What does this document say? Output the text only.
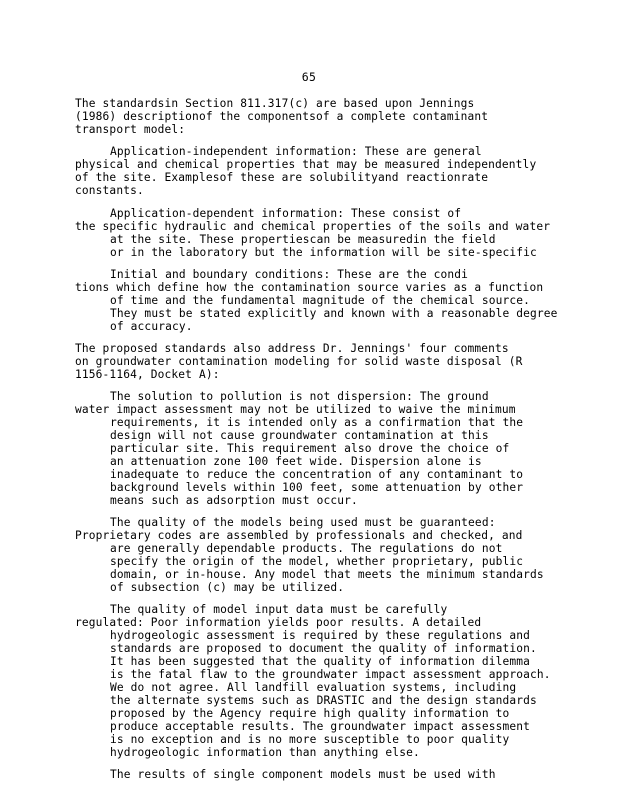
65
The standardsin Section 811.317(c) are based upon Jennings
(1986) descriptionof the componentsof a complete contaminant
transport model:
Application-independent information: These are general
physical and chemical properties that may be measured independently
of the site. Examplesof these are solubilityand reactionrate
constants.
Application-dependent information: These consist of
the specific hydraulic and chemical properties of the soils and water
at the site. These propertiescan be measuredin the field
or in the laboratory but the information will be site-specific
Initial and boundary conditions: These are the condi
tions which define how the contamination source varies as a function
of time and the fundamental magnitude of the chemical source.
They must be stated explicitly and known with a reasonable degree
of accuracy.
The proposed standards also address Dr. Jennings' four comments
on groundwater contamination modeling for solid waste disposal (R
1156-1164, Docket A):
The solution to pollution is not dispersion: The ground
water impact assessment may not be utilized to waive the minimum
requirements, it is intended only as a confirmation that the
design will not cause groundwater contamination at this
particular site. This requirement also drove the choice of
an attenuation zone 100 feet wide. Dispersion alone is
inadequate to reduce the concentration of any contaminant to
background levels within 100 feet, some attenuation by other
means such as adsorption must occur.
The quality of the models being used must be guaranteed:
Proprietary codes are assembled by professionals and checked, and
are generally dependable products. The regulations do not
specify the origin of the model, whether proprietary, public
domain, or in-house. Any model that meets the minimum standards
of subsection (c) may be utilized.
The quality of model input data must be carefully
regulated: Poor information yields poor results. A detailed
hydrogeologic assessment is required by these regulations and
standards are proposed to document the quality of information.
It has been suggested that the quality of information dilemma
is the fatal flaw to the groundwater impact assessment approach.
We do not agree. All landfill evaluation systems, including
the alternate systems such as DRASTIC and the design standards
proposed by the Agency require high quality information to
produce acceptable results. The groundwater impact assessment
is no exception and is no more susceptible to poor quality
hydrogeologic information than anything else.
The results of single component models must be used with
